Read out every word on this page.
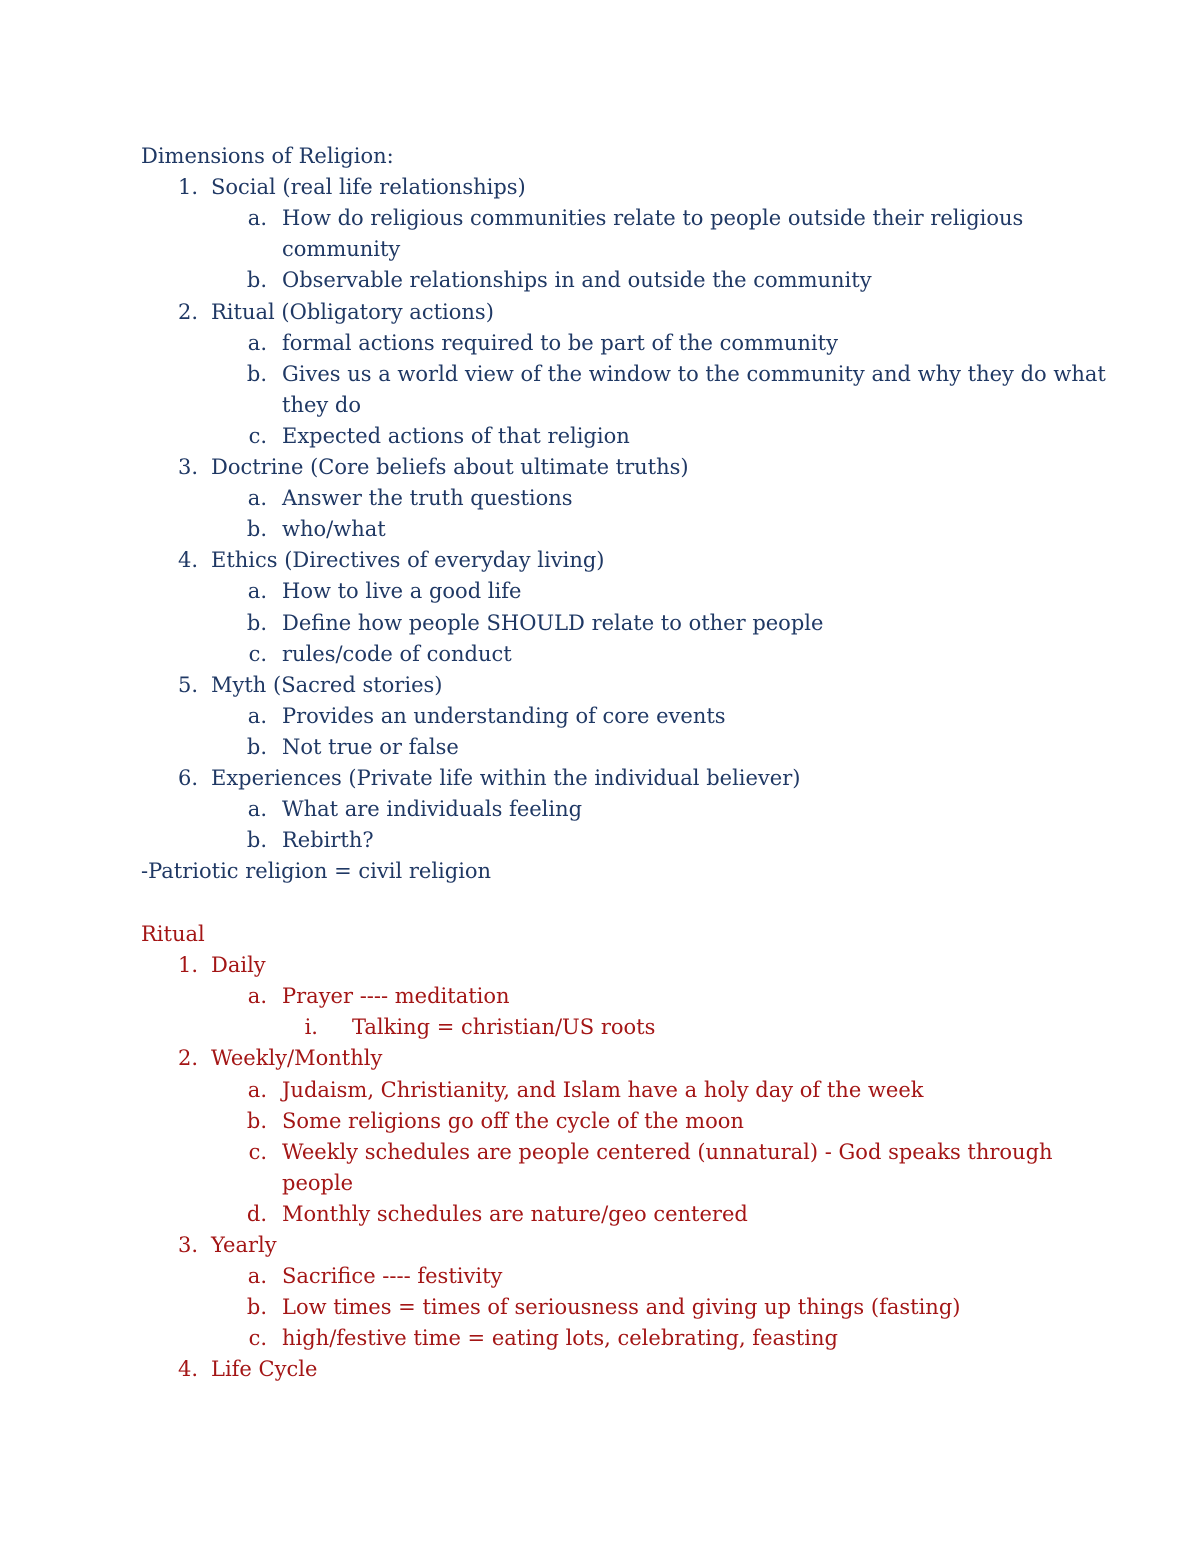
Dimensions of Religion:
1. Social (real life relationships)
a. How do religious communities relate to people outside their religious
community
b. Observable relationships in and outside the community
2. Ritual (Obligatory actions)
a. formal actions required to be part of the community
b. Gives us a world view of the window to the community and why they do what
they do
c. Expected actions of that religion
3. Doctrine (Core beliefs about ultimate truths)
a. Answer the truth questions
b. who/what
4. Ethics (Directives of everyday living)
a. How to live a good life
b. Define how people SHOULD relate to other people
c. rules/code of conduct
5. Myth (Sacred stories)
a. Provides an understanding of core events
b. Not true or false
6. Experiences (Private life within the individual believer)
a. What are individuals feeling
b. Rebirth?
-Patriotic religion = civil religion
Ritual
1. Daily
a. Prayer ---- meditation
i. Talking = christian/US roots
2. Weekly/Monthly
a. Judaism, Christianity, and Islam have a holy day of the week
b. Some religions go off the cycle of the moon
c. Weekly schedules are people centered (unnatural) - God speaks through
people
d. Monthly schedules are nature/geo centered
3. Yearly
a. Sacrifice ---- festivity
b. Low times = times of seriousness and giving up things (fasting)
c. high/festive time = eating lots, celebrating, feasting
4. Life Cycle
